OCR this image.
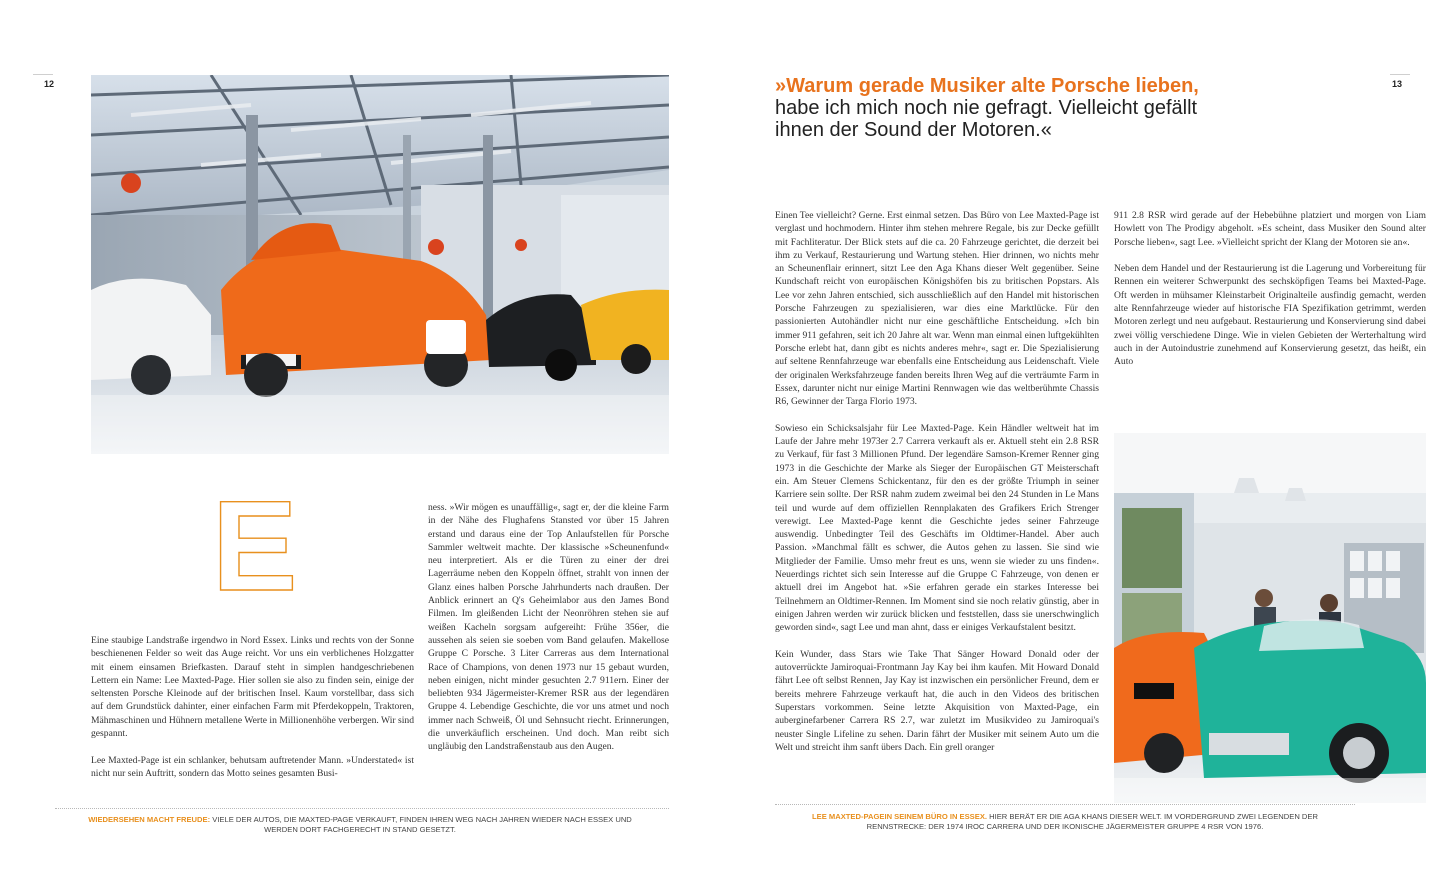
12	13
E

Eine staubige Landstraße irgendwo in Nord Essex. Links und rechts von der Sonne beschienenen Felder so weit das Auge reicht. Vor uns ein verblichenes Holzgatter mit einem einsamen Briefkasten. Darauf steht in simplen handgeschriebenen Lettern ein Name: Lee Maxted-Page. Hier sollen sie also zu finden sein, einige der seltensten Porsche Kleinode auf der britischen Insel. Kaum vorstellbar, dass sich auf dem Grundstück dahinter, einer einfachen Farm mit Pferdekoppeln, Traktoren, Mähmaschinen und Hühnern metallene Werte in Millionenhöhe verbergen. Wir sind gespannt.

Lee Maxted-Page ist ein schlanker, behutsam auftretender Mann. »Understated« ist nicht nur sein Auftritt, sondern das Motto seines gesamten Busi-

ness. »Wir mögen es unauffällig«, sagt er, der die kleine Farm in der Nähe des Flughafens Stansted vor über 15 Jahren erstand und daraus eine der Top Anlaufstellen für Porsche Sammler weltweit machte. Der klassische »Scheunenfund« neu interpretiert. Als er die Türen zu einer der drei Lagerräume neben den Koppeln öffnet, strahlt von innen der Glanz eines halben Porsche Jahrhunderts nach draußen. Der Anblick erinnert an Q's Geheimlabor aus den James Bond Filmen. Im gleißenden Licht der Neonröhren stehen sie auf weißen Kacheln sorgsam aufgereiht: Frühe 356er, die aussehen als seien sie soeben vom Band gelaufen. Makellose Gruppe C Porsche. 3 Liter Carreras aus dem International Race of Champions, von denen 1973 nur 15 gebaut wurden, neben einigen, nicht minder gesuchten 2.7 911ern. Einer der beliebten 934 Jägermeister-Kremer RSR aus der legendären Gruppe 4. Lebendige Geschichte, die vor uns atmet und noch immer nach Schweiß, Öl und Sehnsucht riecht. Erinnerungen, die unverkäuflich erscheinen. Und doch. Man reibt sich ungläubig den Landstraßenstaub aus den Augen.

WIEDERSEHEN MACHT FREUDE: VIELE DER AUTOS, DIE MAXTED-PAGE VERKAUFT, FINDEN IHREN WEG NACH JAHREN WIEDER NACH ESSEX UND WERDEN DORT FACHGERECHT IN STAND GESETZT.
»Warum gerade Musiker alte Porsche lieben,
habe ich mich noch nie gefragt. Vielleicht gefällt ihnen der Sound der Motoren.«

Einen Tee vielleicht? Gerne. Erst einmal setzen. Das Büro von Lee Maxted-Page ist verglast und hochmodern. Hinter ihm stehen mehrere Regale, bis zur Decke gefüllt mit Fachliteratur. Der Blick stets auf die ca. 20 Fahrzeuge gerichtet, die derzeit bei ihm zu Verkauf, Restaurierung und Wartung stehen. Hier drinnen, wo nichts mehr an Scheunenflair erinnert, sitzt Lee den Aga Khans dieser Welt gegenüber. Seine Kundschaft reicht von europäischen Königshöfen bis zu britischen Popstars. Als Lee vor zehn Jahren entschied, sich ausschließlich auf den Handel mit historischen Porsche Fahrzeugen zu spezialisieren, war dies eine Marktlücke. Für den passionierten Autohändler nicht nur eine geschäftliche Entscheidung. »Ich bin immer 911 gefahren, seit ich 20 Jahre alt war. Wenn man einmal einen luftgekühlten Porsche erlebt hat, dann gibt es nichts anderes mehr«, sagt er. Die Spezialisierung auf seltene Rennfahrzeuge war ebenfalls eine Entscheidung aus Leidenschaft. Viele der originalen Werksfahrzeuge fanden bereits Ihren Weg auf die verträumte Farm in Essex, darunter nicht nur einige Martini Rennwagen wie das weltberühmte Chassis R6, Gewinner der Targa Florio 1973.

Sowieso ein Schicksalsjahr für Lee Maxted-Page. Kein Händler weltweit hat im Laufe der Jahre mehr 1973er 2.7 Carrera verkauft als er. Aktuell steht ein 2.8 RSR zu Verkauf, für fast 3 Millionen Pfund. Der legendäre Samson-Kremer Renner ging 1973 in die Geschichte der Marke als Sieger der Europäischen GT Meisterschaft ein. Am Steuer Clemens Schickentanz, für den es der größte Triumph in seiner Karriere sein sollte. Der RSR nahm zudem zweimal bei den 24 Stunden in Le Mans teil und wurde auf dem offiziellen Rennplakaten des Grafikers Erich Strenger verewigt. Lee Maxted-Page kennt die Geschichte jedes seiner Fahrzeuge auswendig. Unbedingter Teil des Geschäfts im Oldtimer-Handel. Aber auch Passion. »Manchmal fällt es schwer, die Autos gehen zu lassen. Sie sind wie Mitglieder der Familie. Umso mehr freut es uns, wenn sie wieder zu uns finden«. Neuerdings richtet sich sein Interesse auf die Gruppe C Fahrzeuge, von denen er aktuell drei im Angebot hat. »Sie erfahren gerade ein starkes Interesse bei Teilnehmern an Oldtimer-Rennen. Im Moment sind sie noch relativ günstig, aber in einigen Jahren werden wir zurück blicken und feststellen, dass sie unerschwinglich geworden sind«, sagt Lee und man ahnt, dass er einiges Verkaufstalent besitzt.

Kein Wunder, dass Stars wie Take That Sänger Howard Donald oder der autoverrückte Jamiroquai-Frontmann Jay Kay bei ihm kaufen. Mit Howard Donald fährt Lee oft selbst Rennen, Jay Kay ist inzwischen ein persönlicher Freund, dem er bereits mehrere Fahrzeuge verkauft hat, die auch in den Videos des britischen Superstars vorkommen. Seine letzte Akquisition von Maxted-Page, ein auberginefarbener Carrera RS 2.7, war zuletzt im Musikvideo zu Jamiroquai's neuster Single Lifeline zu sehen. Darin fährt der Musiker mit seinem Auto um die Welt und streicht ihm sanft übers Dach. Ein grell oranger

911 2.8 RSR wird gerade auf der Hebebühne platziert und morgen von Liam Howlett von The Prodigy abgeholt. »Es scheint, dass Musiker den Sound alter Porsche lieben«, sagt Lee. »Vielleicht spricht der Klang der Motoren sie an«.

Neben dem Handel und der Restaurierung ist die Lagerung und Vorbereitung für Rennen ein weiterer Schwerpunkt des sechsköpfigen Teams bei Maxted-Page. Oft werden in mühsamer Kleinstarbeit Originalteile ausfindig gemacht, werden alte Rennfahrzeuge wieder auf historische FIA Spezifikation getrimmt, werden Motoren zerlegt und neu aufgebaut. Restaurierung und Konservierung sind dabei zwei völlig verschiedene Dinge. Wie in vielen Gebieten der Werterhaltung wird auch in der Autoindustrie zunehmend auf Konservierung gesetzt, das heißt, ein Auto

LEE MAXTED-PAGEIN SEINEM BÜRO IN ESSEX. HIER BERÄT ER DIE AGA KHANS DIESER WELT. IM VORDERGRUND ZWEI LEGENDEN DER RENNSTRECKE: DER 1974 IROC CARRERA UND DER IKONISCHE JÄGERMEISTER GRUPPE 4 RSR VON 1976.
